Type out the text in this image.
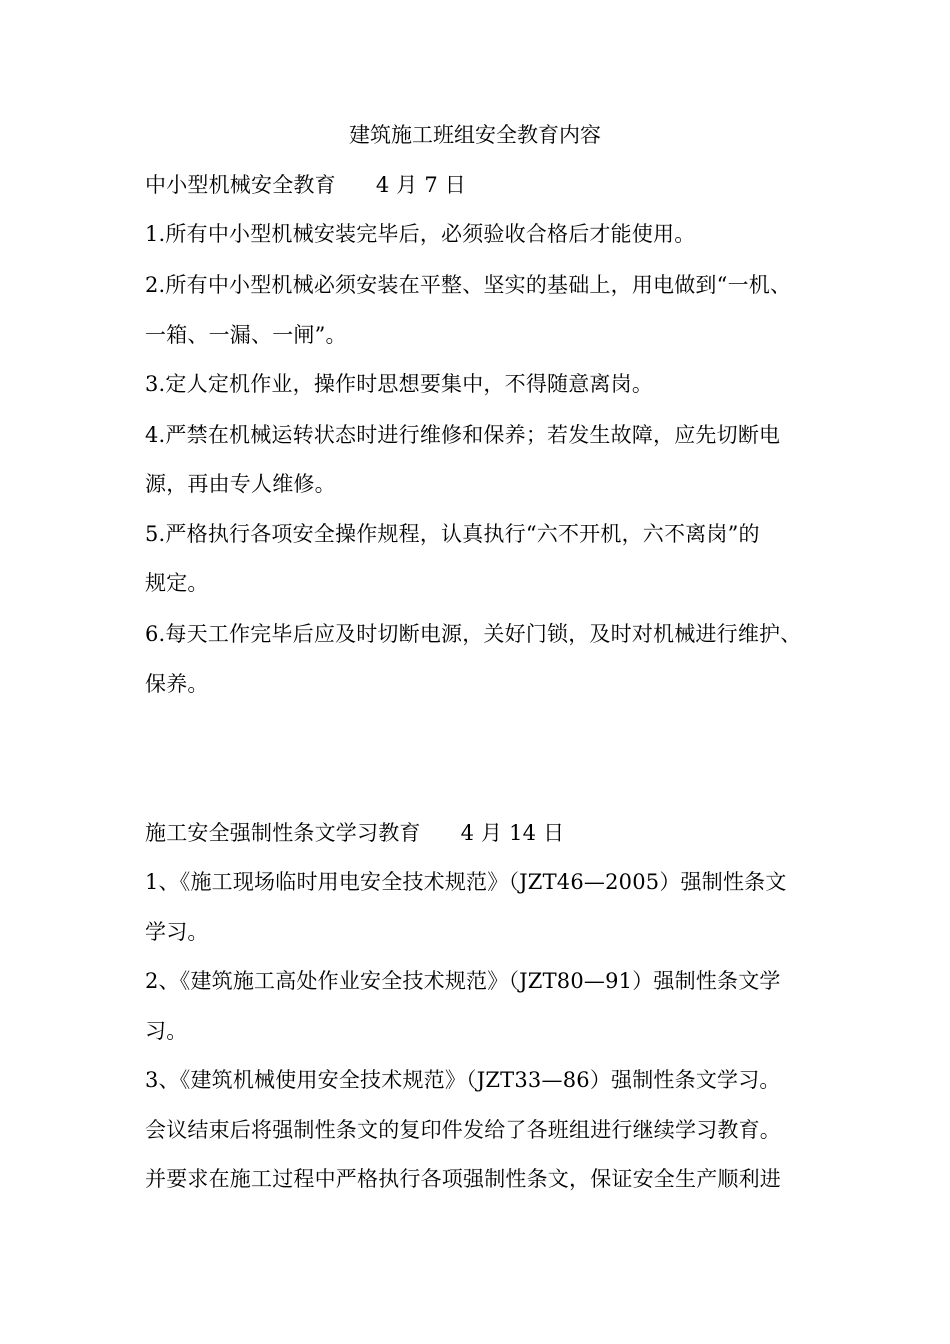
建筑施工班组安全教育内容
中小型机械安全教育 4 月 7 日
1.所有中小型机械安装完毕后，必须验收合格后才能使用。
2.所有中小型机械必须安装在平整、坚实的基础上，用电做到“一机、
一箱、一漏、一闸”。
3.定人定机作业，操作时思想要集中，不得随意离岗。
4.严禁在机械运转状态时进行维修和保养；若发生故障，应先切断电
源，再由专人维修。
5.严格执行各项安全操作规程，认真执行“六不开机，六不离岗”的
规定。
6.每天工作完毕后应及时切断电源，关好门锁，及时对机械进行维护、
保养。
施工安全强制性条文学习教育 4 月 14 日
1、《施工现场临时用电安全技术规范》（JZT46—2005）强制性条文
学习。
2、《建筑施工高处作业安全技术规范》（JZT80—91）强制性条文学
习。
3、《建筑机械使用安全技术规范》（JZT33—86）强制性条文学习。
会议结束后将强制性条文的复印件发给了各班组进行继续学习教育。
并要求在施工过程中严格执行各项强制性条文，保证安全生产顺利进
